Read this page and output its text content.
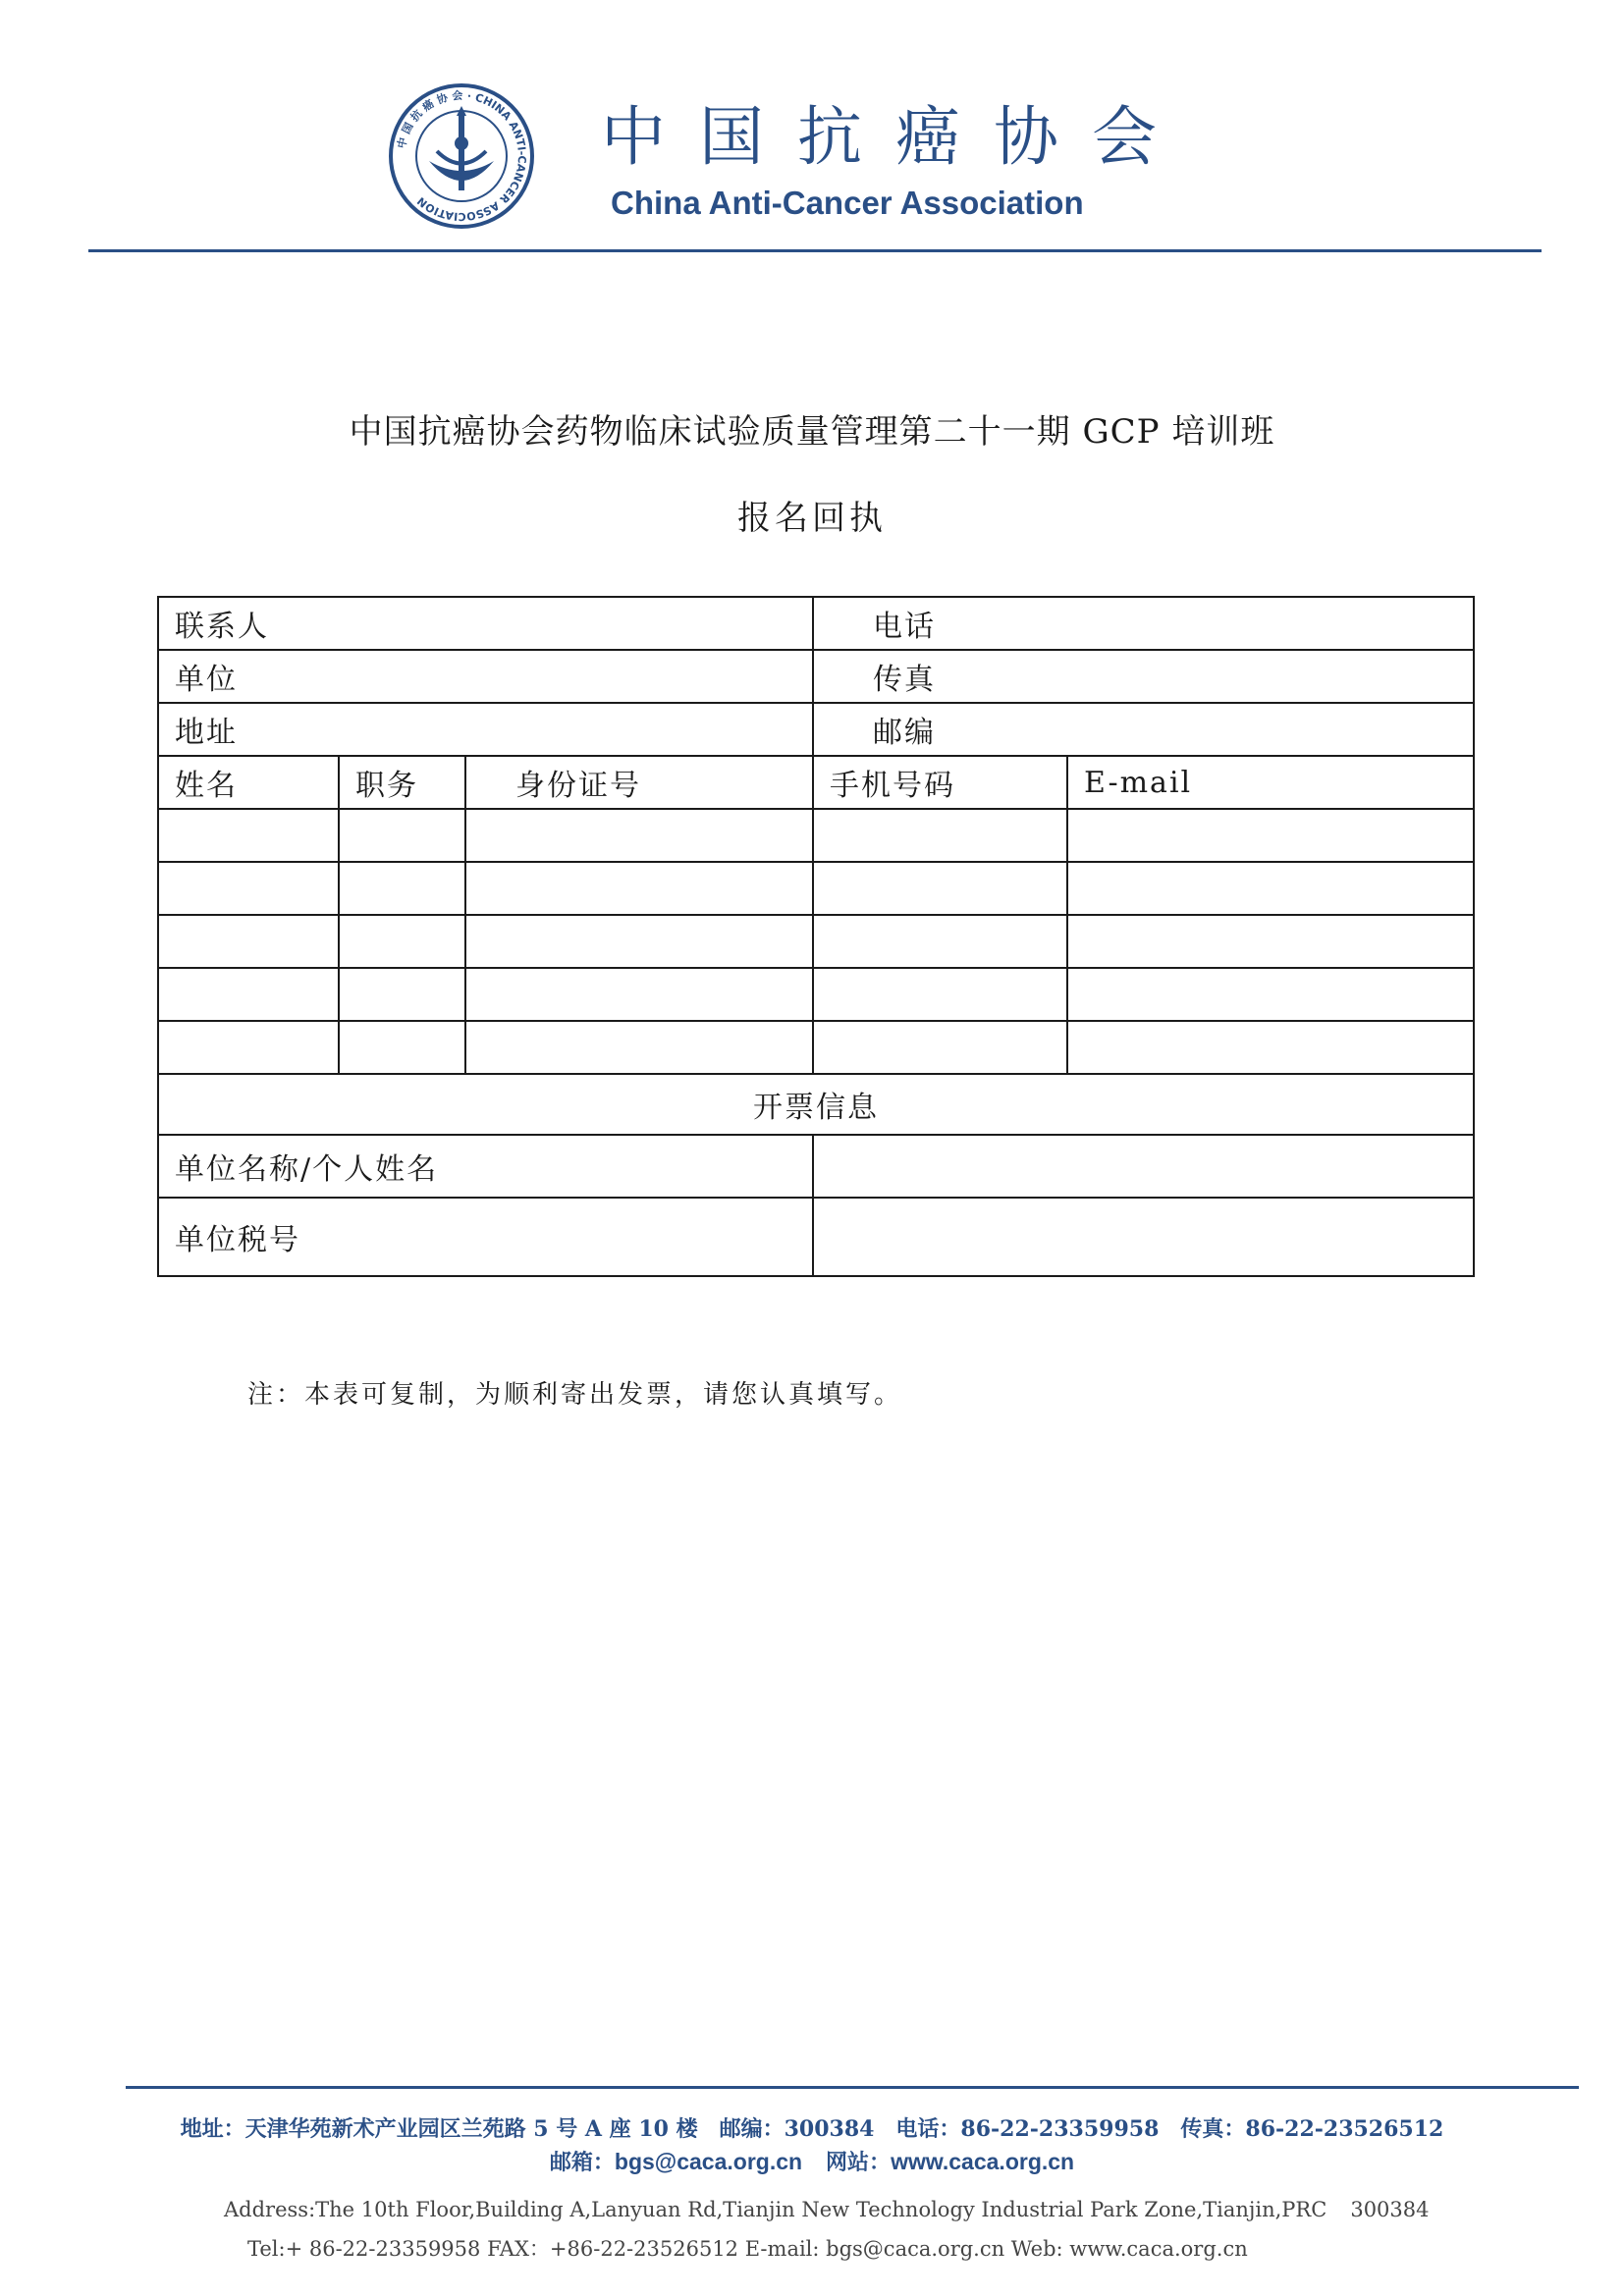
中 国 抗 癌 协 会 · CHINA ANTI-CANCER ASSOCIATION
中国抗癌协会
China Anti-Cancer Association
中国抗癌协会药物临床试验质量管理第二十一期 GCP 培训班
报名回执
联系人			电话	
单位			传真	
地址			邮编	
姓名	职务	身份证号	手机号码	E-mail

开票信息				
单位名称/个人姓名				
单位税号				
注：本表可复制，为顺利寄出发票，请您认真填写。
地址：天津华苑新术产业园区兰苑路 5 号 A 座 10 楼　邮编：300384　电话：86-22-23359958　传真：86-22-23526512
邮箱：bgs@caca.org.cn 网站：www.caca.org.cn
Address:The 10th Floor,Building A,Lanyuan Rd,Tianjin New Technology Industrial Park Zone,Tianjin,PRC 300384
Tel:+ 86-22-23359958 FAX：+86-22-23526512 E-mail: bgs@caca.org.cn Web: www.caca.org.cn
